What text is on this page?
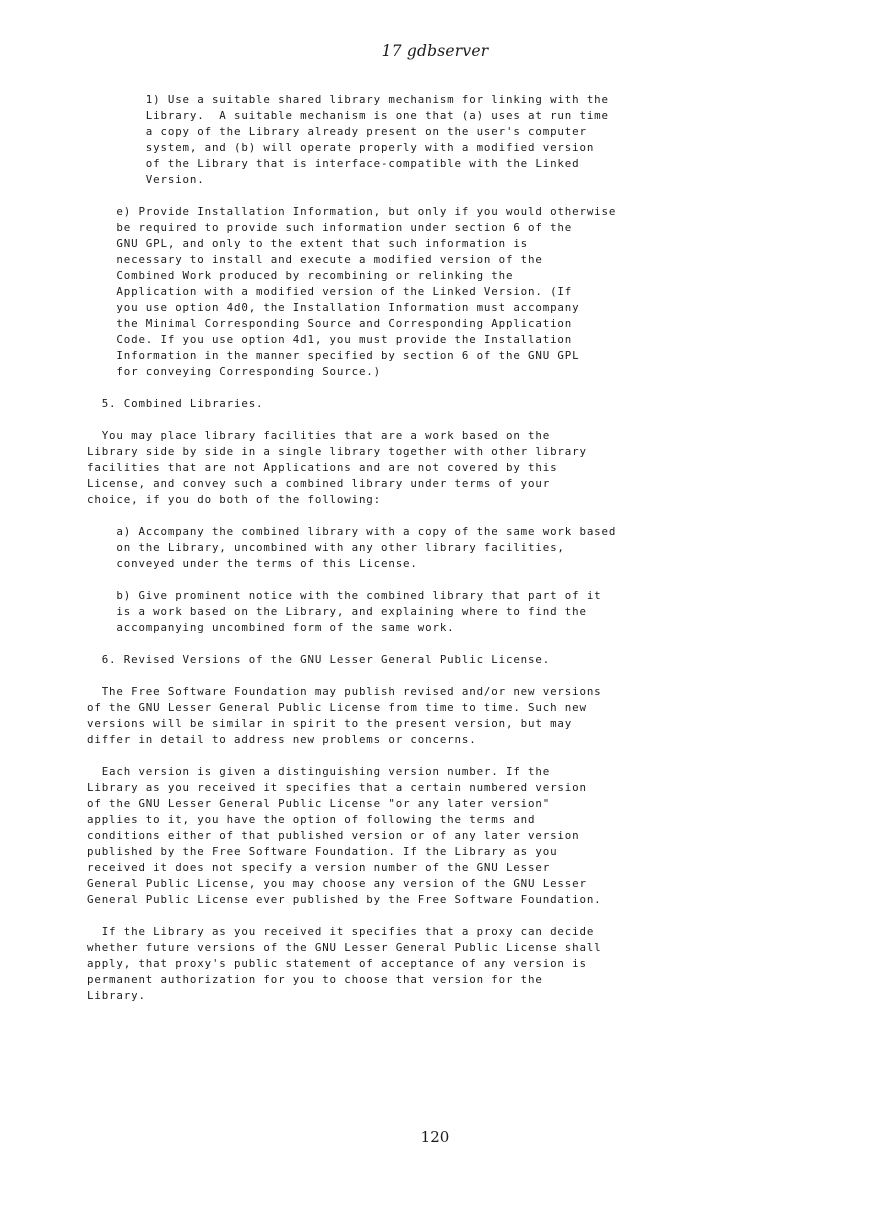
17 gdbserver
1) Use a suitable shared library mechanism for linking with the
Library.  A suitable mechanism is one that (a) uses at run time
a copy of the Library already present on the user's computer
system, and (b) will operate properly with a modified version
of the Library that is interface-compatible with the Linked
Version.

e) Provide Installation Information, but only if you would otherwise
be required to provide such information under section 6 of the
GNU GPL, and only to the extent that such information is
necessary to install and execute a modified version of the
Combined Work produced by recombining or relinking the
Application with a modified version of the Linked Version. (If
you use option 4d0, the Installation Information must accompany
the Minimal Corresponding Source and Corresponding Application
Code. If you use option 4d1, you must provide the Installation
Information in the manner specified by section 6 of the GNU GPL
for conveying Corresponding Source.)

5. Combined Libraries.

You may place library facilities that are a work based on the
Library side by side in a single library together with other library
facilities that are not Applications and are not covered by this
License, and convey such a combined library under terms of your
choice, if you do both of the following:

a) Accompany the combined library with a copy of the same work based
on the Library, uncombined with any other library facilities,
conveyed under the terms of this License.

b) Give prominent notice with the combined library that part of it
is a work based on the Library, and explaining where to find the
accompanying uncombined form of the same work.

6. Revised Versions of the GNU Lesser General Public License.

The Free Software Foundation may publish revised and/or new versions
of the GNU Lesser General Public License from time to time. Such new
versions will be similar in spirit to the present version, but may
differ in detail to address new problems or concerns.

Each version is given a distinguishing version number. If the
Library as you received it specifies that a certain numbered version
of the GNU Lesser General Public License "or any later version"
applies to it, you have the option of following the terms and
conditions either of that published version or of any later version
published by the Free Software Foundation. If the Library as you
received it does not specify a version number of the GNU Lesser
General Public License, you may choose any version of the GNU Lesser
General Public License ever published by the Free Software Foundation.

If the Library as you received it specifies that a proxy can decide
whether future versions of the GNU Lesser General Public License shall
apply, that proxy's public statement of acceptance of any version is
permanent authorization for you to choose that version for the
Library.

120
